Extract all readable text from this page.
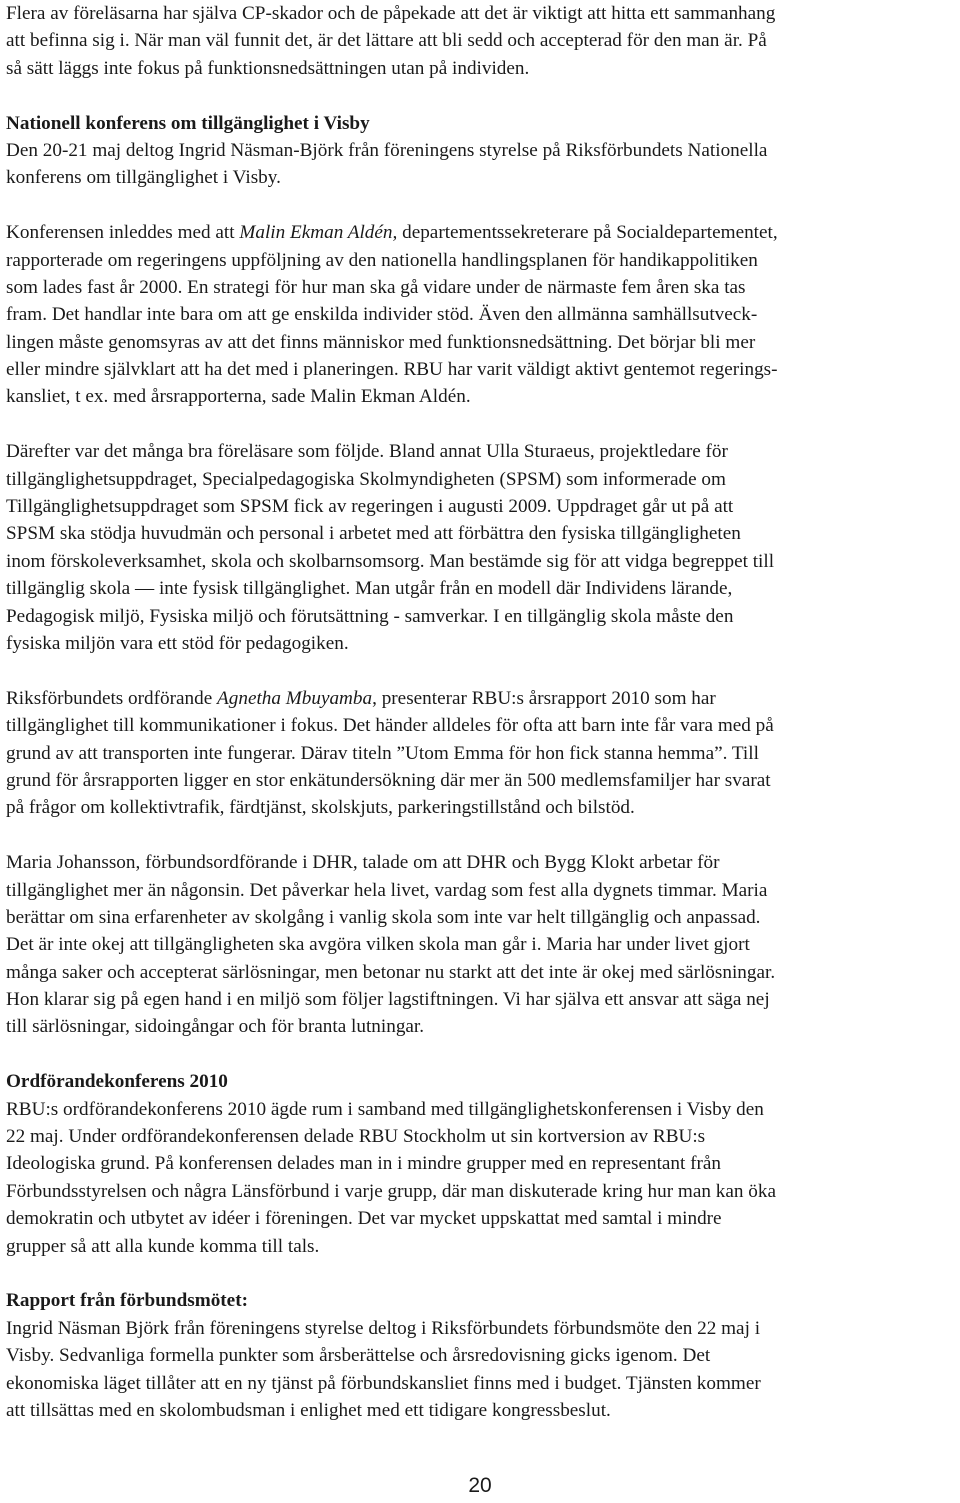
Flera av föreläsarna har själva CP-skador och de påpekade att det är viktigt att hitta ett sammanhang
att befinna sig i. När man väl funnit det, är det lättare att bli sedd och accepterad för den man är. På
så sätt läggs inte fokus på funktionsnedsättningen utan på individen.

Nationell konferens om tillgänglighet i Visby

Den 20-21 maj deltog Ingrid Näsman-Björk från föreningens styrelse på Riksförbundets Nationella
konferens om tillgänglighet i Visby.

Konferensen inleddes med att Malin Ekman Aldén, departementssekreterare på Socialdepartementet,
rapporterade om regeringens uppföljning av den nationella handlingsplanen för handikappolitiken
som lades fast år 2000. En strategi för hur man ska gå vidare under de närmaste fem åren ska tas
fram. Det handlar inte bara om att ge enskilda individer stöd. Även den allmänna samhällsutveck-
lingen måste genomsyras av att det finns människor med funktionsnedsättning. Det börjar bli mer
eller mindre självklart att ha det med i planeringen. RBU har varit väldigt aktivt gentemot regerings-
kansliet, t ex. med årsrapporterna, sade Malin Ekman Aldén.

Därefter var det många bra föreläsare som följde. Bland annat Ulla Sturaeus, projektledare för
tillgänglighetsuppdraget, Specialpedagogiska Skolmyndigheten (SPSM) som informerade om
Tillgänglighetsuppdraget som SPSM fick av regeringen i augusti 2009. Uppdraget går ut på att
SPSM ska stödja huvudmän och personal i arbetet med att förbättra den fysiska tillgängligheten
inom förskoleverksamhet, skola och skolbarnsomsorg. Man bestämde sig för att vidga begreppet till
tillgänglig skola — inte fysisk tillgänglighet. Man utgår från en modell där Individens lärande,
Pedagogisk miljö, Fysiska miljö och förutsättning - samverkar. I en tillgänglig skola måste den
fysiska miljön vara ett stöd för pedagogiken.

Riksförbundets ordförande Agnetha Mbuyamba, presenterar RBU:s årsrapport 2010 som har
tillgänglighet till kommunikationer i fokus. Det händer alldeles för ofta att barn inte får vara med på
grund av att transporten inte fungerar. Därav titeln ”Utom Emma för hon fick stanna hemma”. Till
grund för årsrapporten ligger en stor enkätundersökning där mer än 500 medlemsfamiljer har svarat
på frågor om kollektivtrafik, färdtjänst, skolskjuts, parkeringstillstånd och bilstöd.

Maria Johansson, förbundsordförande i DHR, talade om att DHR och Bygg Klokt arbetar för
tillgänglighet mer än någonsin. Det påverkar hela livet, vardag som fest alla dygnets timmar. Maria
berättar om sina erfarenheter av skolgång i vanlig skola som inte var helt tillgänglig och anpassad.
Det är inte okej att tillgängligheten ska avgöra vilken skola man går i. Maria har under livet gjort
många saker och accepterat särlösningar, men betonar nu starkt att det inte är okej med särlösningar.
Hon klarar sig på egen hand i en miljö som följer lagstiftningen. Vi har själva ett ansvar att säga nej
till särlösningar, sidoingångar och för branta lutningar.

Ordförandekonferens 2010

RBU:s ordförandekonferens 2010 ägde rum i samband med tillgänglighetskonferensen i Visby den
22 maj. Under ordförandekonferensen delade RBU Stockholm ut sin kortversion av RBU:s
Ideologiska grund. På konferensen delades man in i mindre grupper med en representant från
Förbundsstyrelsen och några Länsförbund i varje grupp, där man diskuterade kring hur man kan öka
demokratin och utbytet av idéer i föreningen. Det var mycket uppskattat med samtal i mindre
grupper så att alla kunde komma till tals.

Rapport från förbundsmötet:

Ingrid Näsman Björk från föreningens styrelse deltog i Riksförbundets förbundsmöte den 22 maj i
Visby. Sedvanliga formella punkter som årsberättelse och årsredovisning gicks igenom. Det
ekonomiska läget tillåter att en ny tjänst på förbundskansliet finns med i budget. Tjänsten kommer
att tillsättas med en skolombudsman i enlighet med ett tidigare kongressbeslut.

20
